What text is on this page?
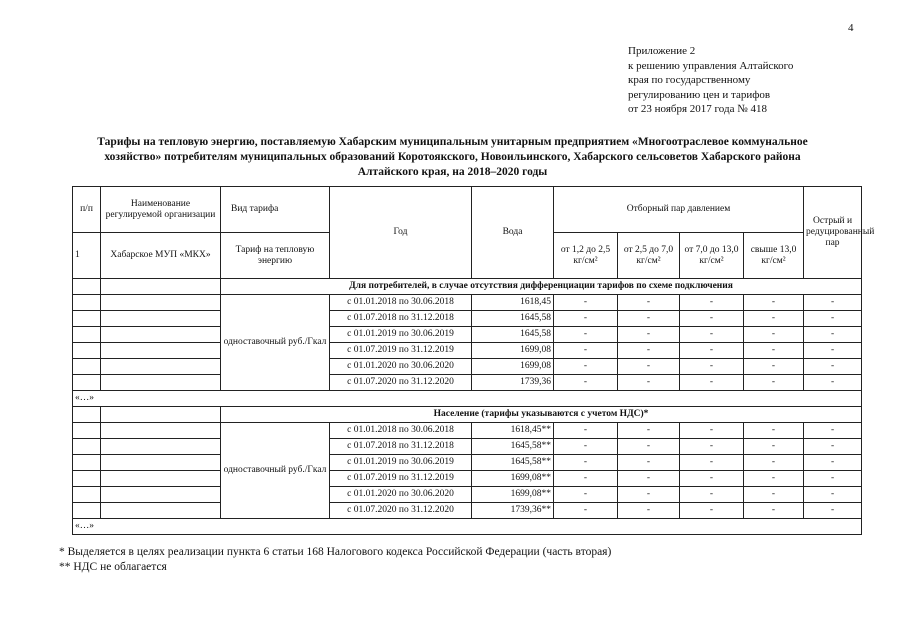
4
Приложение 2
к решению управления Алтайского
края по государственному
регулированию цен и тарифов
от 23 ноября 2017 года № 418
Тарифы на тепловую энергию, поставляемую Хабарским муниципальным унитарным предприятием «Многоотраслевое коммунальное
хозяйство» потребителям муниципальных образований Коротоякского, Новоильинского, Хабарского сельсоветов Хабарского района
Алтайского края, на 2018–2020 годы
п/п	Наименование регулируемой организации	Вид тарифа	Год	Вода	Отборный пар давлением				Острый и редуцированный пар
1	Хабарское МУП «МКХ»	Тариф на тепловую энергию			от 1,2 до 2,5 кг/см²	от 2,5 до 7,0 кг/см²	от 7,0 до 13,0 кг/см²	свыше 13,0 кг/см²	
		Для потребителей, в случае отсутствия дифференциации тарифов по схеме подключения							
		одноставочный руб./Гкал	с 01.01.2018 по 30.06.2018	1618,45	-	-	-	-	-
			с 01.07.2018 по 31.12.2018	1645,58	-	-	-	-	-
			с 01.01.2019 по 30.06.2019	1645,58	-	-	-	-	-
			с 01.07.2019 по 31.12.2019	1699,08	-	-	-	-	-
			с 01.01.2020 по 30.06.2020	1699,08	-	-	-	-	-
			с 01.07.2020 по 31.12.2020	1739,36	-	-	-	-	-
«…»									
		Население (тарифы указываются с учетом НДС)*							
		одноставочный руб./Гкал	с 01.01.2018 по 30.06.2018	1618,45**	-	-	-	-	-
			с 01.07.2018 по 31.12.2018	1645,58**	-	-	-	-	-
			с 01.01.2019 по 30.06.2019	1645,58**	-	-	-	-	-
			с 01.07.2019 по 31.12.2019	1699,08**	-	-	-	-	-
			с 01.01.2020 по 30.06.2020	1699,08**	-	-	-	-	-
			с 01.07.2020 по 31.12.2020	1739,36**	-	-	-	-	-
«…»									
* Выделяется в целях реализации пункта 6 статьи 168 Налогового кодекса Российской Федерации (часть вторая)
** НДС не облагается
